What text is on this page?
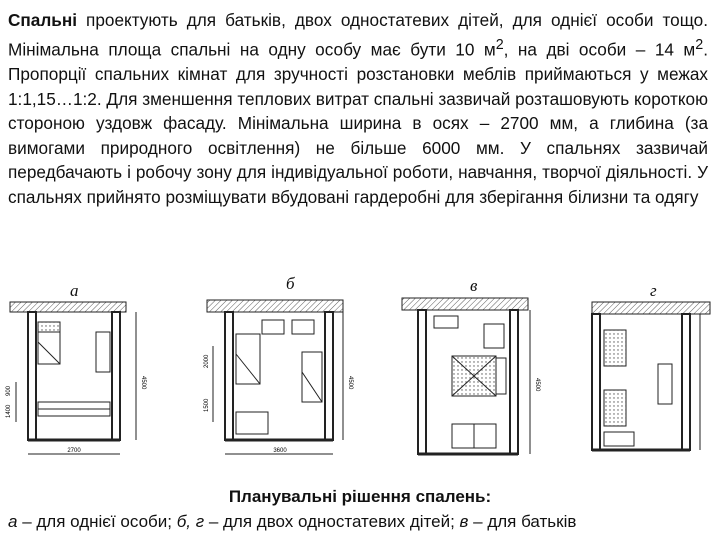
Спальні проектують для батьків, двох одностатевих дітей, для однієї особи тощо. Мінімальна площа спальні на одну особу має бути 10 $м^2$, на дві особи – 14 $м^2$. Пропорції спальних кімнат для зручності розстановки меблів приймаються у межах 1:1,15…1:2. Для зменшення теплових витрат спальні зазвичай розташовують короткою стороною уздовж фасаду. Мінімальна ширина в осях – 2700 мм, а глибина (за вимогами природного освітлення) не більше 6000 мм. У спальнях зазвичай передбачають і робочу зону для індивідуальної роботи, навчання, творчої діяльності. У спальнях прийнято розміщувати вбудовані гардеробні для зберігання білизни та одягу
а	б	в	г
2700
4500
900
1400
3600
4500
2000
1500
4500
Планувальні рішення спалень:
а – для однієї особи; б, г – для двох одностатевих дітей; в – для батьків
